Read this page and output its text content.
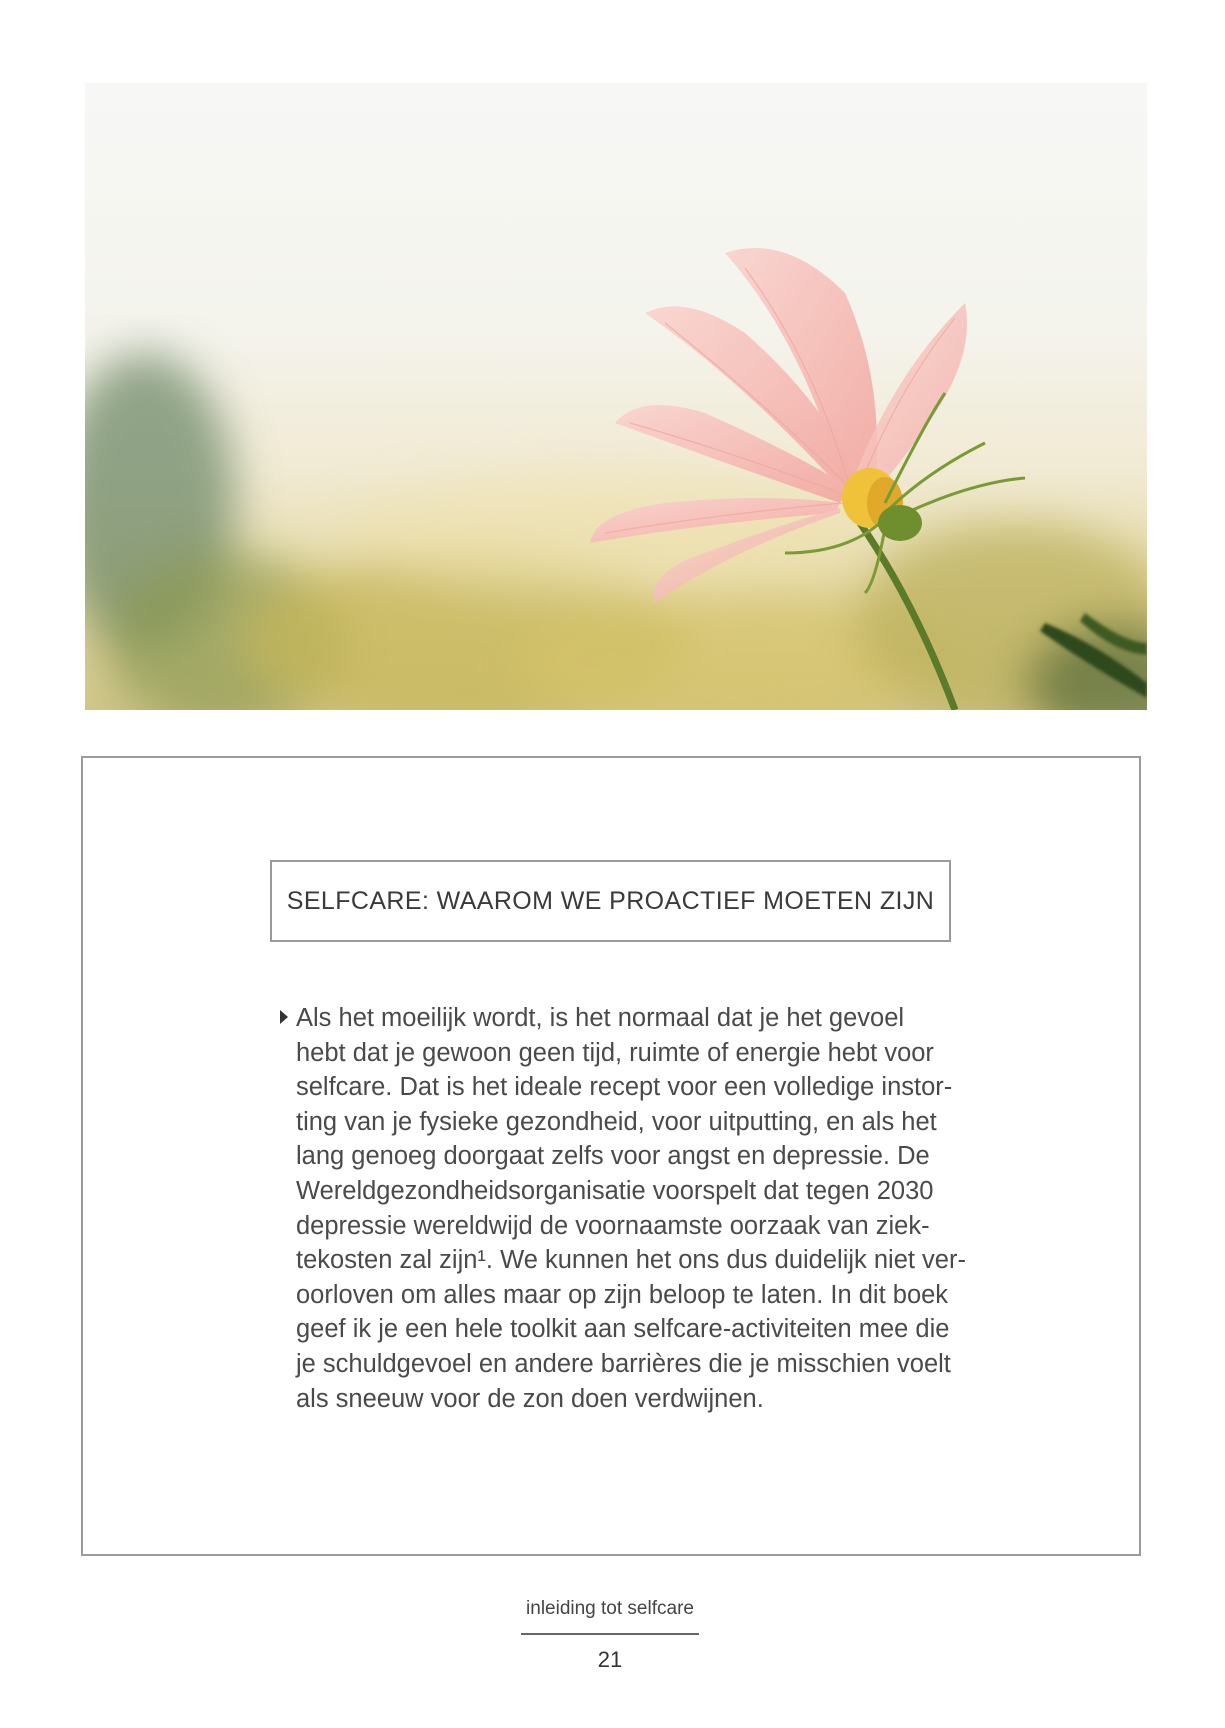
SELFCARE: WAAROM WE PROACTIEF MOETEN ZIJN

Als het moeilijk wordt, is het normaal dat je het gevoel
hebt dat je gewoon geen tijd, ruimte of energie hebt voor
selfcare. Dat is het ideale recept voor een volledige instor-
ting van je fysieke gezondheid, voor uitputting, en als het
lang genoeg doorgaat zelfs voor angst en depressie. De
Wereldgezondheidsorganisatie voorspelt dat tegen 2030
depressie wereldwijd de voornaamste oorzaak van ziek-
tekosten zal zijn¹. We kunnen het ons dus duidelijk niet ver-
oorloven om alles maar op zijn beloop te laten. In dit boek
geef ik je een hele toolkit aan selfcare-activiteiten mee die
je schuldgevoel en andere barrières die je misschien voelt
als sneeuw voor de zon doen verdwijnen.

inleiding tot selfcare
21
